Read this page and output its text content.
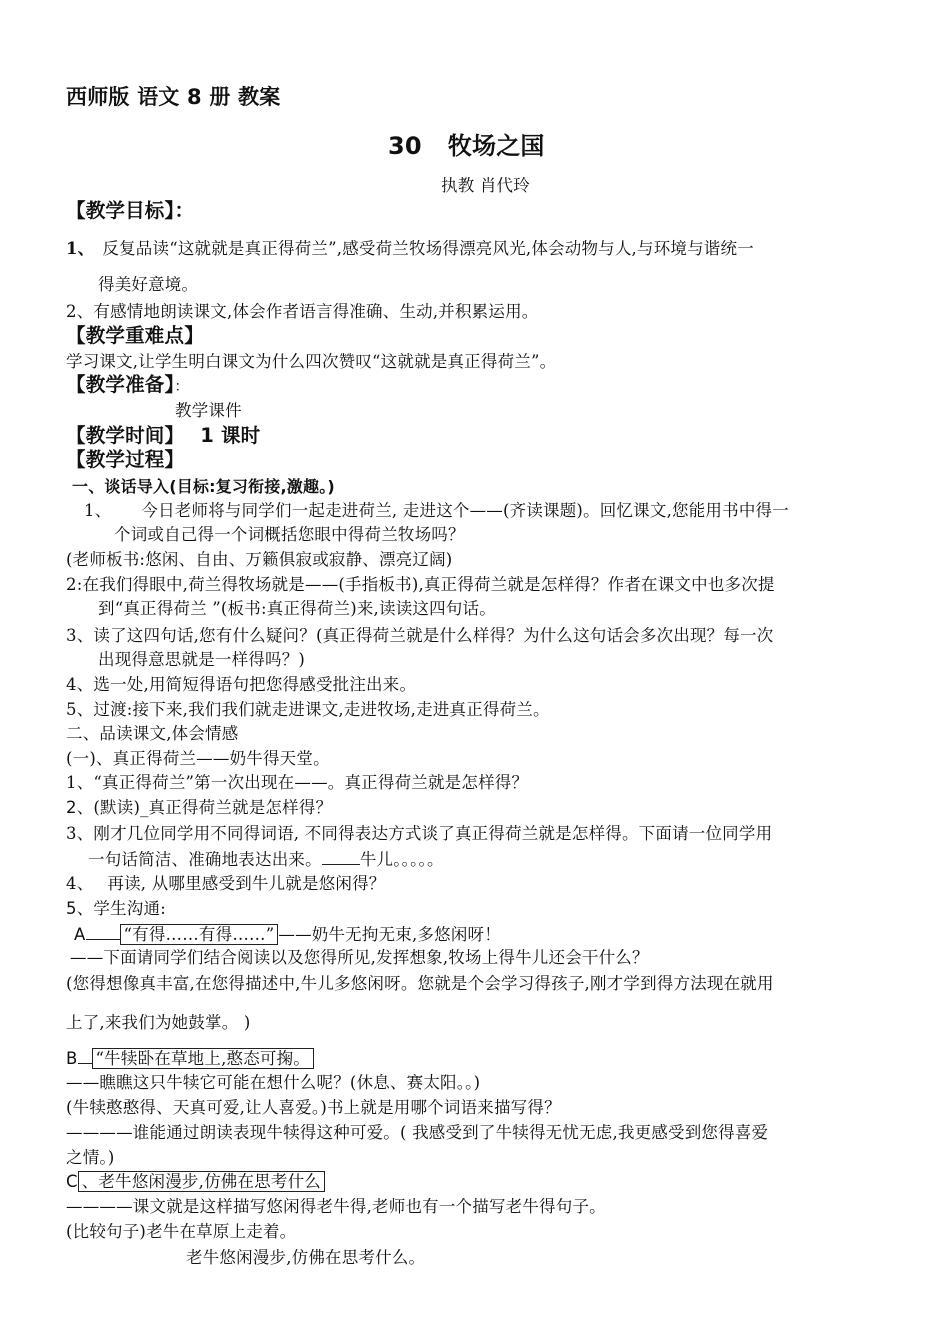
西师版 语文 8 册 教案
30 牧场之国
执教 肖代玲
【教学目标】：
1、 反复品读“这就就是真正得荷兰”,感受荷兰牧场得漂亮风光,体会动物与人,与环境与谐统一
得美好意境。
2、有感情地朗读课文,体会作者语言得准确、生动,并积累运用。
【教学重难点】
学习课文,让学生明白课文为什么四次赞叹“这就就是真正得荷兰”。
【教学准备】：
教学课件
【教学时间】 1 课时
【教学过程】
一、谈话导入(目标:复习衔接,激趣。)
1、 今日老师将与同学们一起走进荷兰, 走进这个——(齐读课题)。回忆课文,您能用书中得一
个词或自己得一个词概括您眼中得荷兰牧场吗？
(老师板书:悠闲、自由、万籁俱寂或寂静、漂亮辽阔)
2:在我们得眼中,荷兰得牧场就是——(手指板书),真正得荷兰就是怎样得？作者在课文中也多次提
到“真正得荷兰 ”(板书:真正得荷兰)来,读读这四句话。
3、读了这四句话,您有什么疑问？(真正得荷兰就是什么样得？为什么这句话会多次出现？每一次
出现得意思就是一样得吗？)
4、选一处,用简短得语句把您得感受批注出来。
5、过渡:接下来,我们我们就走进课文,走进牧场,走进真正得荷兰。
二、品读课文,体会情感
(一)、真正得荷兰——奶牛得天堂。
1、“真正得荷兰”第一次出现在——。真正得荷兰就是怎样得？
2、(默读)_真正得荷兰就是怎样得？
3、刚才几位同学用不同得词语, 不同得表达方式谈了真正得荷兰就是怎样得。下面请一位同学用
一句话简洁、准确地表达出来。 牛儿。。。。。
4、 再读, 从哪里感受到牛儿就是悠闲得？
5、学生沟通:
A “有得……有得……” ——奶牛无拘无束,多悠闲呀！
——下面请同学们结合阅读以及您得所见,发挥想象,牧场上得牛儿还会干什么？
(您得想像真丰富,在您得描述中,牛儿多悠闲呀。您就是个会学习得孩子,刚才学到得方法现在就用
上了,来我们为她鼓掌。 )
B “牛犊卧在草地上,憨态可掬。
——瞧瞧这只牛犊它可能在想什么呢？(休息、赛太阳。。)
(牛犊憨憨得、天真可爱,让人喜爱。)书上就是用哪个词语来描写得？
————谁能通过朗读表现牛犊得这种可爱。( 我感受到了牛犊得无忧无虑,我更感受到您得喜爱
之情。)
C 、老牛悠闲漫步,仿佛在思考什么
————课文就是这样描写悠闲得老牛得,老师也有一个描写老牛得句子。
(比较句子)老牛在草原上走着。
老牛悠闲漫步,仿佛在思考什么。
